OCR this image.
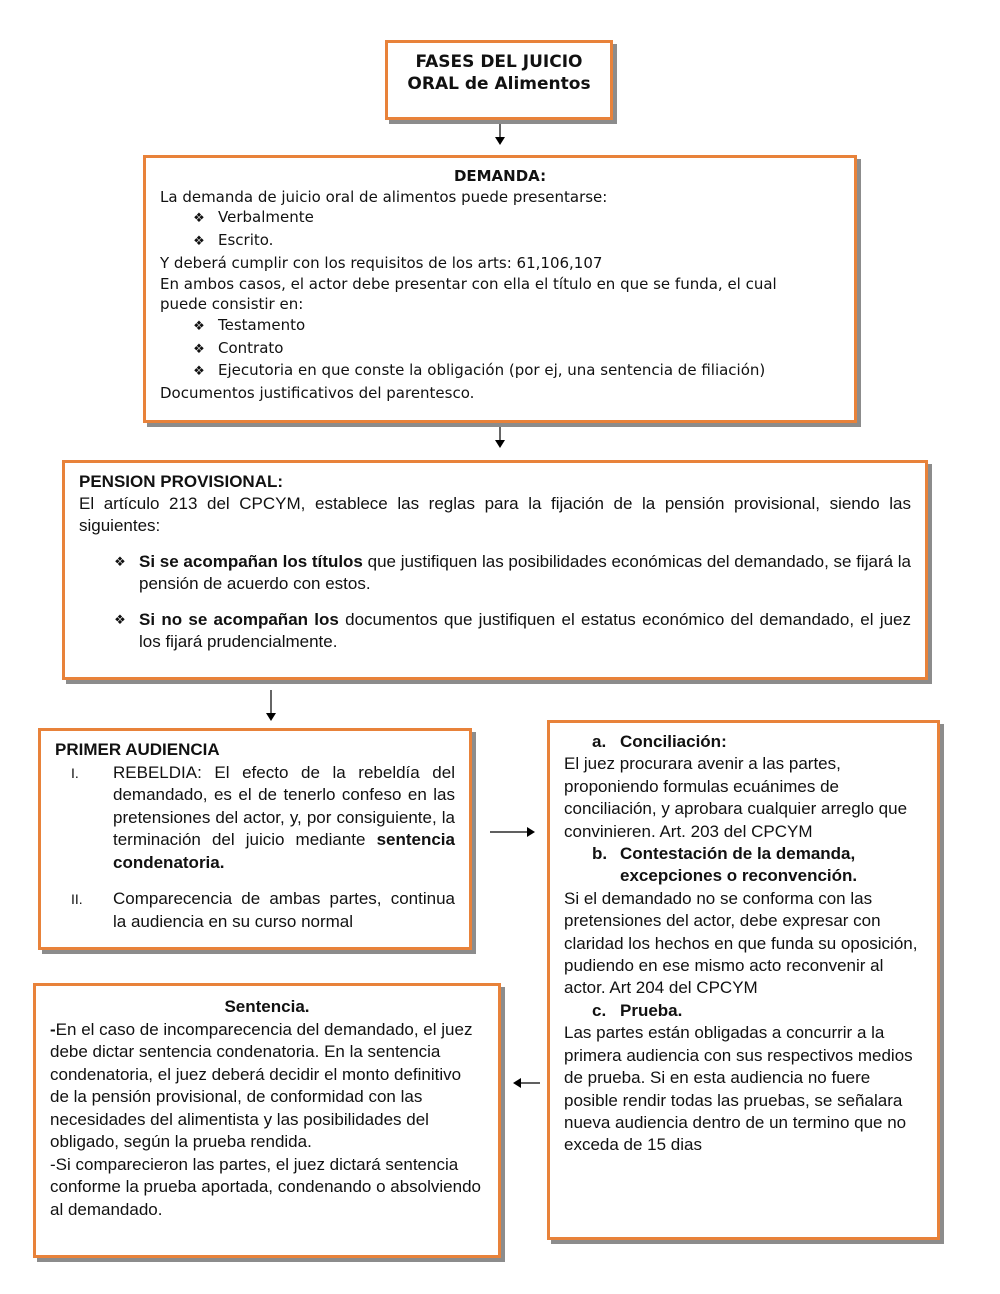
FASES DEL JUICIO

ORAL de Alimentos

DEMANDA:

La demanda de juicio oral de alimentos puede presentarse:

❖ Verbalmente
❖ Escrito.

Y deberá cumplir con los requisitos de los arts: 61,106,107

En ambos casos, el actor debe presentar con ella el título en que se funda, el cual

puede consistir en:

❖ Testamento
❖ Contrato
❖ Ejecutoria en que conste la obligación (por ej, una sentencia de filiación)

Documentos justificativos del parentesco.

PENSION PROVISIONAL:

El artículo 213 del CPCYM, establece las reglas para la fijación de la pensión provisional, siendo las siguientes:

❖ Si se acompañan los títulos que justifiquen las posibilidades económicas del demandado, se fijará la pensión de acuerdo con estos.
❖ Si no se acompañan los documentos que justifiquen el estatus económico del demandado, el juez los fijará prudencialmente.

PRIMER AUDIENCIA

I. REBELDIA: El efecto de la rebeldía del demandado, es el de tenerlo confeso en las pretensiones del actor, y, por consiguiente, la terminación del juicio mediante sentencia condenatoria.
II. Comparecencia de ambas partes, continua la audiencia en su curso normal

a. Conciliación:

El juez procurara avenir a las partes, proponiendo formulas ecuánimes de conciliación, y aprobara cualquier arreglo que convinieren. Art. 203 del CPCYM

b. Contestación de la demanda,

excepciones o reconvención.

Si el demandado no se conforma con las pretensiones del actor, debe expresar con claridad los hechos en que funda su oposición, pudiendo en ese mismo acto reconvenir al actor. Art 204 del CPCYM

c. Prueba.

Las partes están obligadas a concurrir a la primera audiencia con sus respectivos medios de prueba. Si en esta audiencia no fuere posible rendir todas las pruebas, se señalara nueva audiencia dentro de un termino que no exceda de 15 dias

Sentencia.

-En el caso de incomparecencia del demandado, el juez debe dictar sentencia condenatoria. En la sentencia condenatoria, el juez deberá decidir el monto definitivo de la pensión provisional, de conformidad con las necesidades del alimentista y las posibilidades del obligado, según la prueba rendida.

-Si comparecieron las partes, el juez dictará sentencia conforme la prueba aportada, condenando o absolviendo al demandado.
